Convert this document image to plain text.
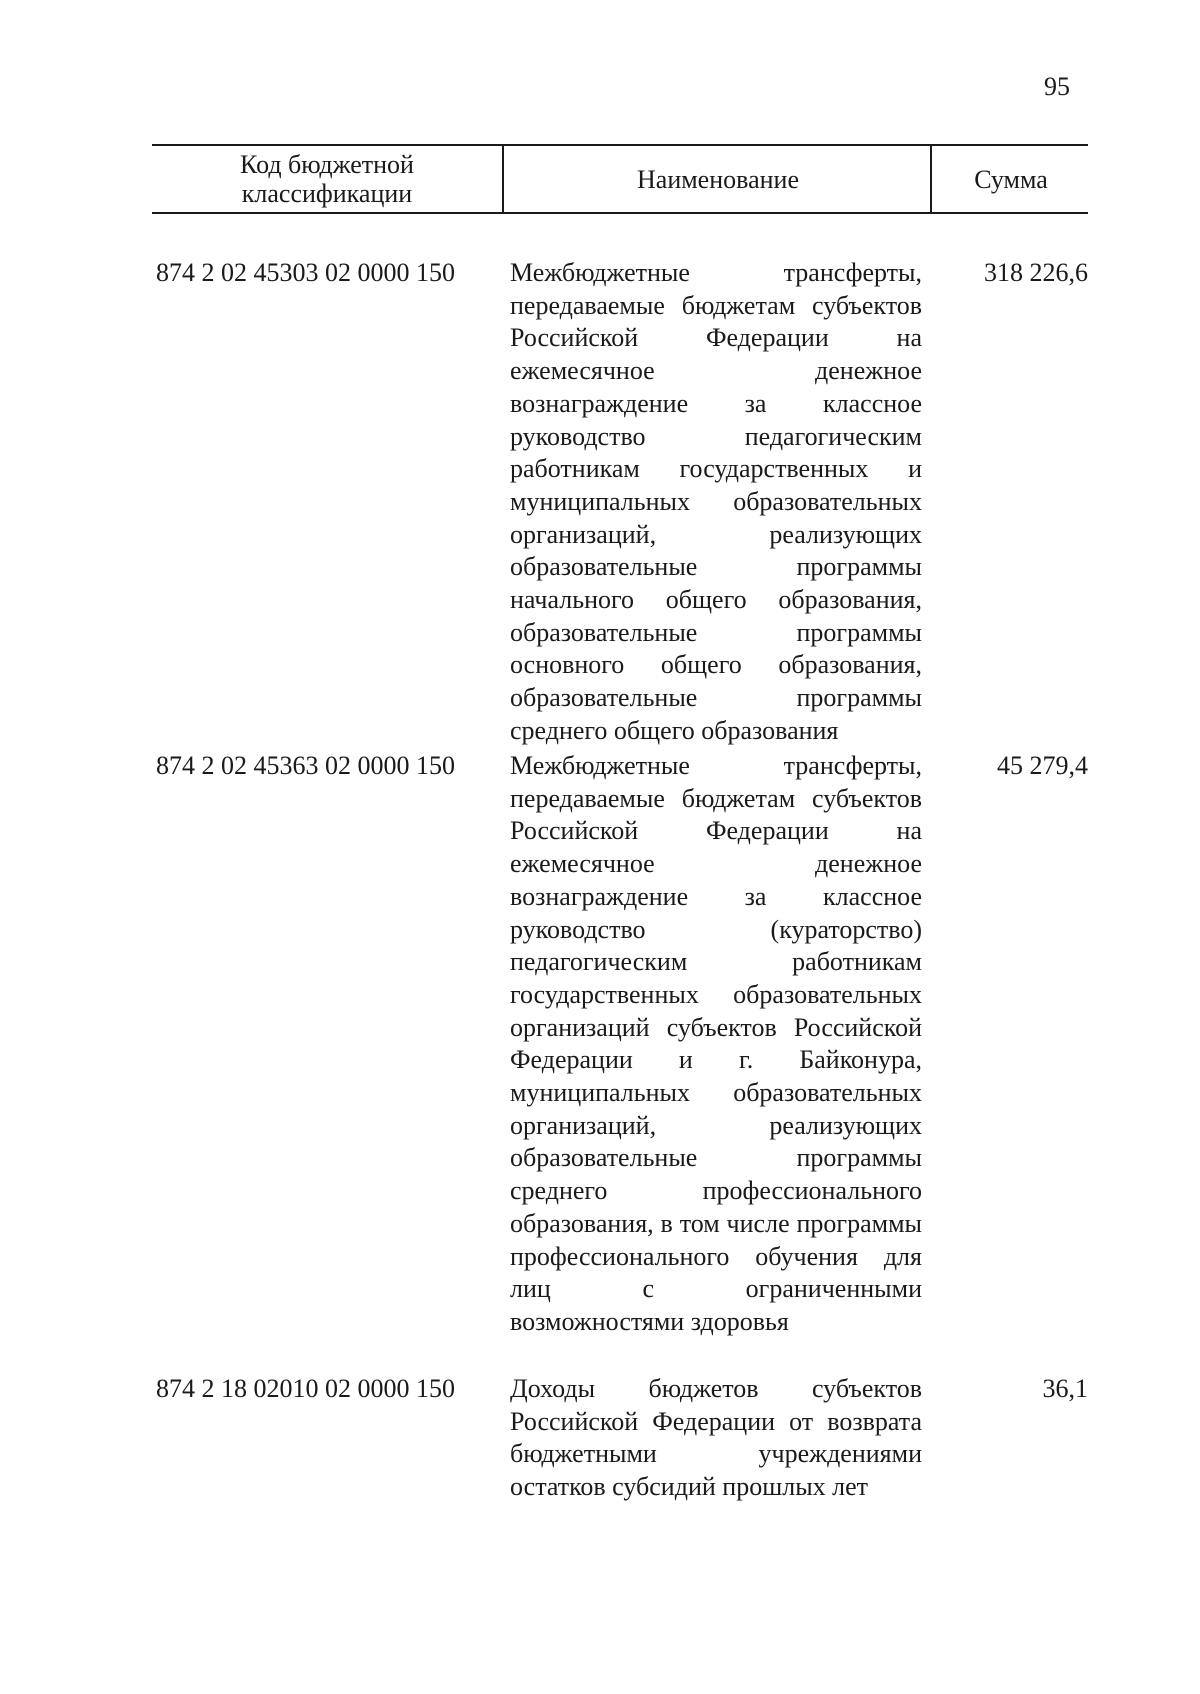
95
Код бюджетной классификации	Наименование	Сумма
874 2 02 45303 02 0000 150 Межбюджетные трансферты, передаваемые бюджетам субъектов Российской Федерации на ежемесячное денежное вознаграждение за классное руководство педагогическим работникам государственных и муниципальных образовательных организаций, реализующих образовательные программы начального общего образования, образовательные программы основного общего образования, образовательные программы среднего общего образования
318 226,6
874 2 02 45363 02 0000 150 Межбюджетные трансферты, передаваемые бюджетам субъектов Российской Федерации на ежемесячное денежное вознаграждение за классное руководство (кураторство) педагогическим работникам государственных образовательных организаций субъектов Российской Федерации и г. Байконура, муниципальных образовательных организаций, реализующих образовательные программы среднего профессионального образования, в том числе программы профессионального обучения для лиц с ограниченными возможностями здоровья
45 279,4
874 2 18 02010 02 0000 150 Доходы бюджетов субъектов Российской Федерации от возврата бюджетными учреждениями остатков субсидий прошлых лет
36,1
